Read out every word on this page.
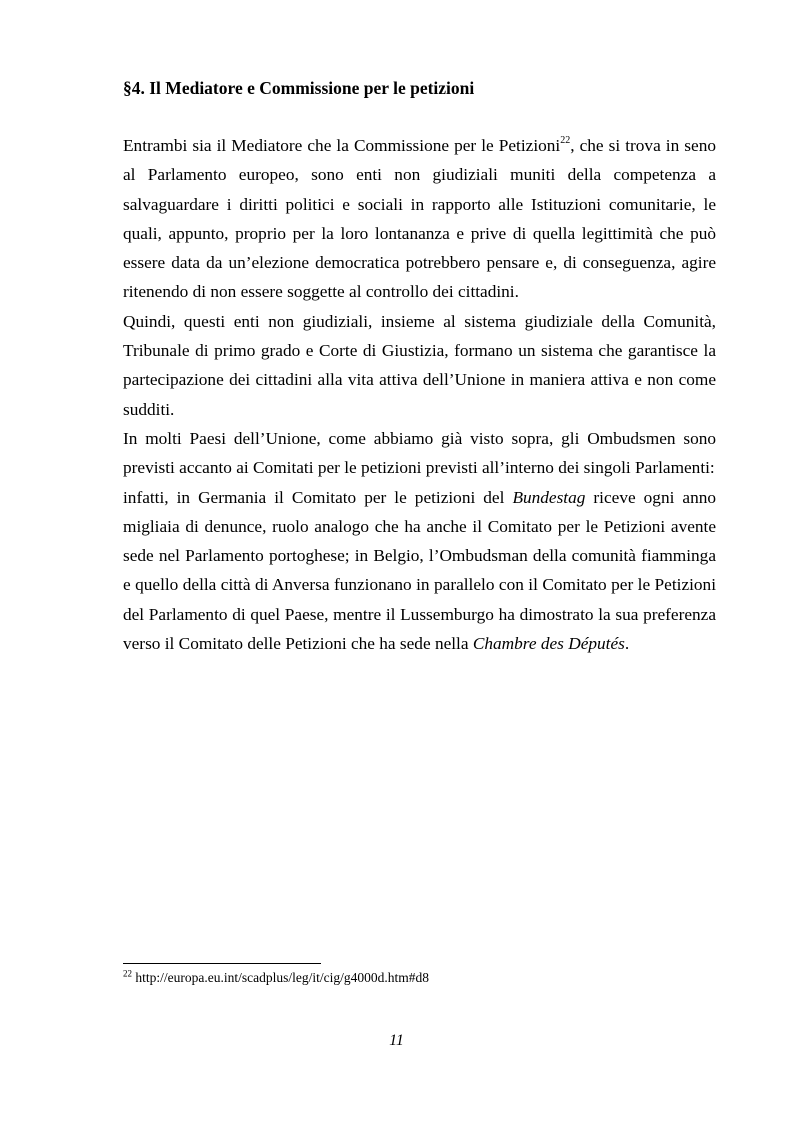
§4. Il Mediatore e Commissione per le petizioni

Entrambi sia il Mediatore che la Commissione per le Petizioni$^{22}$, che si trova in seno al Parlamento europeo, sono enti non giudiziali muniti della competenza a salvaguardare i diritti politici e sociali in rapporto alle Istituzioni comunitarie, le quali, appunto, proprio per la loro lontananza e prive di quella legittimità che può essere data da un’elezione democratica potrebbero pensare e, di conseguenza, agire ritenendo di non essere soggette al controllo dei cittadini.

Quindi, questi enti non giudiziali, insieme al sistema giudiziale della Comunità, Tribunale di primo grado e Corte di Giustizia, formano un sistema che garantisce la partecipazione dei cittadini alla vita attiva dell’Unione in maniera attiva e non come sudditi.

In molti Paesi dell’Unione, come abbiamo già visto sopra, gli Ombudsmen sono previsti accanto ai Comitati per le petizioni previsti all’interno dei singoli Parlamenti:

infatti, in Germania il Comitato per le petizioni del Bundestag riceve ogni anno migliaia di denunce, ruolo analogo che ha anche il Comitato per le Petizioni avente sede nel Parlamento portoghese; in Belgio, l’Ombudsman della comunità fiamminga e quello della città di Anversa funzionano in parallelo con il Comitato per le Petizioni del Parlamento di quel Paese, mentre il Lussemburgo ha dimostrato la sua preferenza verso il Comitato delle Petizioni che ha sede nella Chambre des Députés.

$^{22}$ http://europa.eu.int/scadplus/leg/it/cig/g4000d.htm#d8
11
